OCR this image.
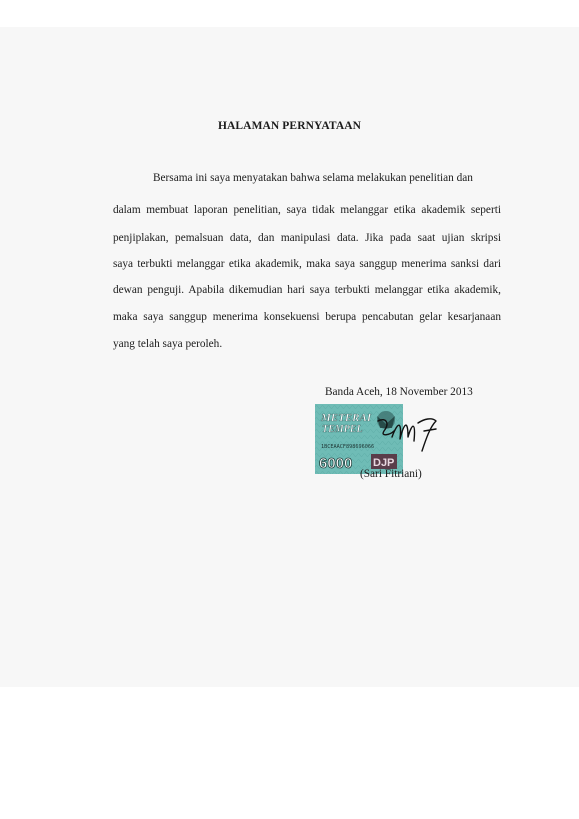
HALAMAN PERNYATAAN

Bersama ini saya menyatakan bahwa selama melakukan penelitian dan

dalam membuat laporan penelitian, saya tidak melanggar etika akademik seperti

penjiplakan, pemalsuan data, dan manipulasi data. Jika pada saat ujian skripsi

saya terbukti melanggar etika akademik, maka saya sanggup menerima sanksi dari

dewan penguji. Apabila dikemudian hari saya terbukti melanggar etika akademik,

maka saya sanggup menerima konsekuensi berupa pencabutan gelar kesarjanaan

yang telah saya peroleh.

Banda Aceh, 18 November 2013
METERAI
TEMPEL
1BCEAACF898696066
6000 DJP
(Sari Fitriani)
